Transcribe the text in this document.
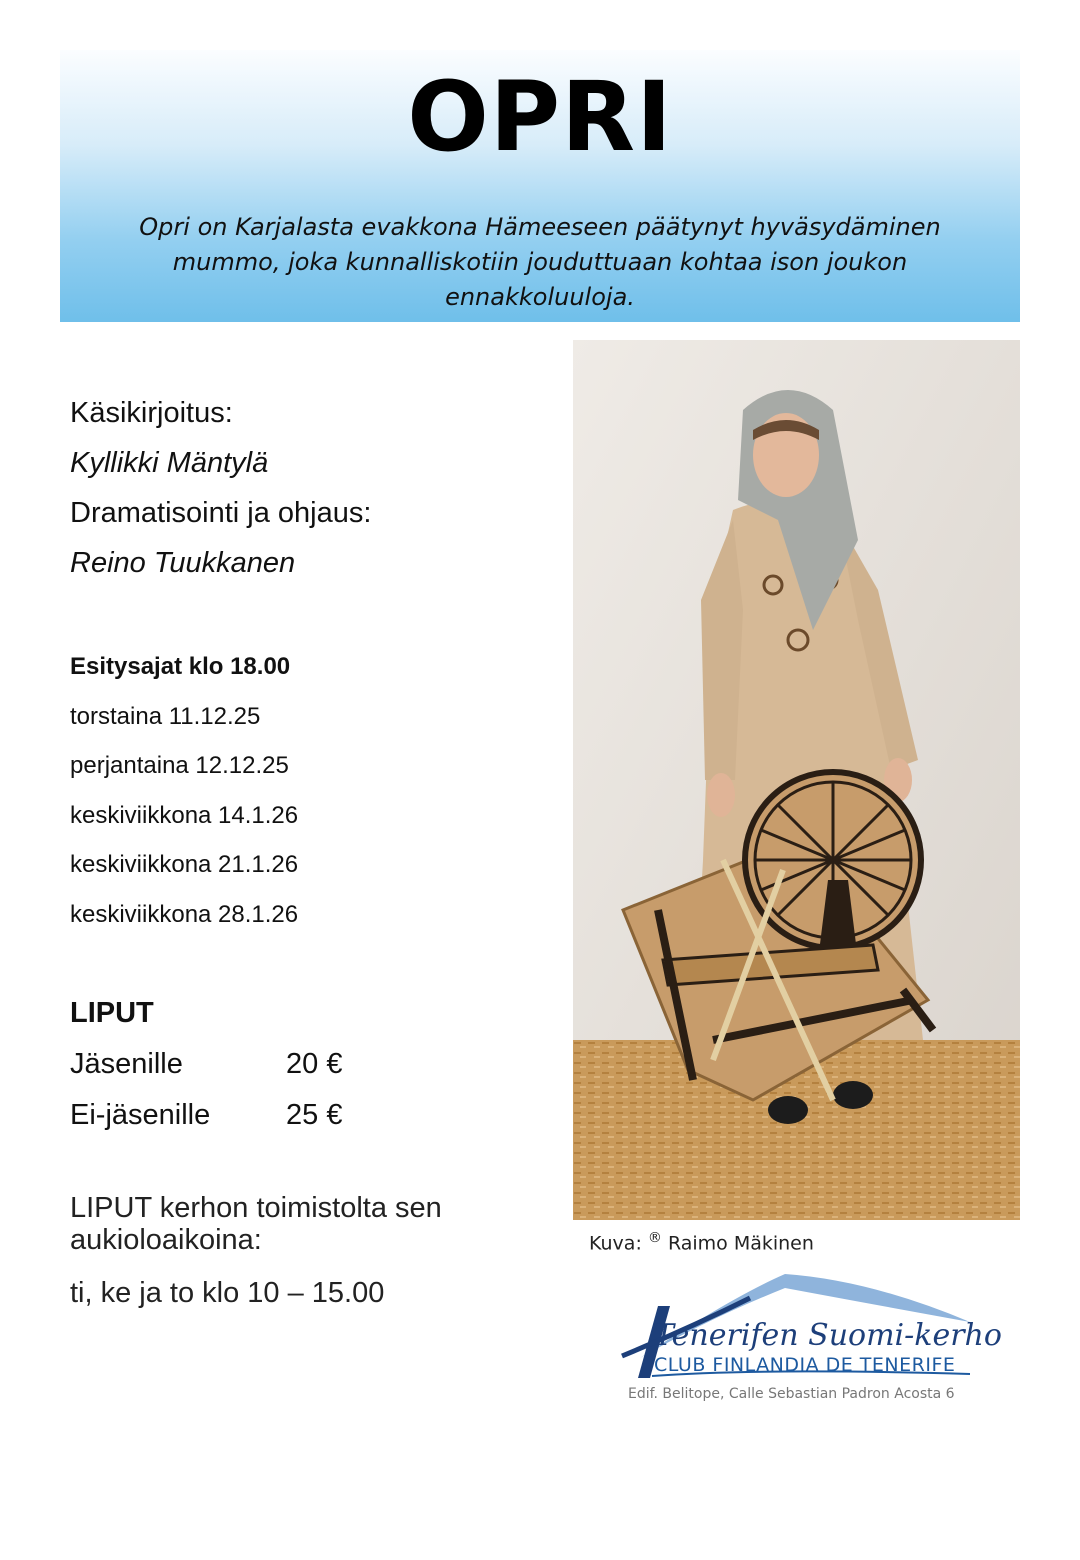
OPRI
Opri on Karjalasta evakkona Hämeeseen päätynyt hyväsydäminen
mummo, joka kunnalliskotiin jouduttuaan kohtaa ison joukon
ennakkoluuloja.
Käsikirjoitus:
Kyllikki Mäntylä
Dramatisointi ja ohjaus:
Reino Tuukkanen
Esitysajat klo 18.00
torstaina 11.12.25
perjantaina 12.12.25
keskiviikkona 14.1.26
keskiviikkona 21.1.26
keskiviikkona 28.1.26
LIPUT
Jäsenille	20 €
Ei-jäsenille	25 €
LIPUT kerhon toimistolta sen aukioloaikoina:
ti, ke ja to klo 10 – 15.00
Kuva: ® Raimo Mäkinen
Tenerifen Suomi-kerho
CLUB FINLANDIA DE TENERIFE
Edif. Belitope, Calle Sebastian Padron Acosta 6
